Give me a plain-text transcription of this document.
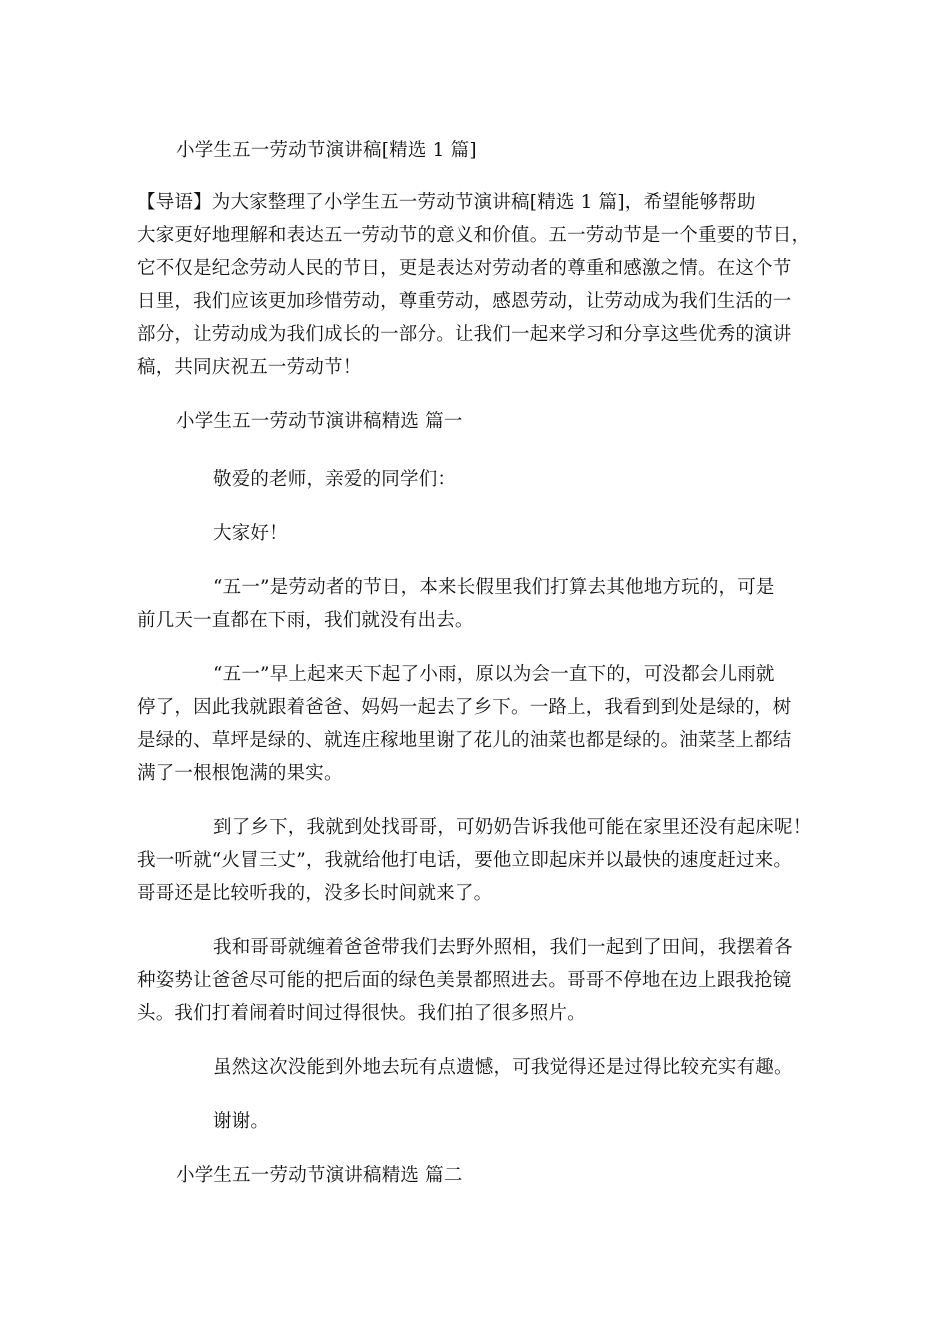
小学生五一劳动节演讲稿[精选 1 篇]
【导语】为大家整理了小学生五一劳动节演讲稿[精选 1 篇]，希望能够帮助
大家更好地理解和表达五一劳动节的意义和价值。五一劳动节是一个重要的节日，
它不仅是纪念劳动人民的节日，更是表达对劳动者的尊重和感激之情。在这个节
日里，我们应该更加珍惜劳动，尊重劳动，感恩劳动，让劳动成为我们生活的一
部分，让劳动成为我们成长的一部分。让我们一起来学习和分享这些优秀的演讲
稿，共同庆祝五一劳动节！
小学生五一劳动节演讲稿精选 篇一
敬爱的老师，亲爱的同学们：
大家好！
“五一”是劳动者的节日，本来长假里我们打算去其他地方玩的，可是
前几天一直都在下雨，我们就没有出去。
“五一”早上起来天下起了小雨，原以为会一直下的，可没都会儿雨就
停了，因此我就跟着爸爸、妈妈一起去了乡下。一路上，我看到到处是绿的，树
是绿的、草坪是绿的、就连庄稼地里谢了花儿的油菜也都是绿的。油菜茎上都结
满了一根根饱满的果实。
到了乡下，我就到处找哥哥，可奶奶告诉我他可能在家里还没有起床呢！
我一听就“火冒三丈”，我就给他打电话，要他立即起床并以最快的速度赶过来。
哥哥还是比较听我的，没多长时间就来了。
我和哥哥就缠着爸爸带我们去野外照相，我们一起到了田间，我摆着各
种姿势让爸爸尽可能的把后面的绿色美景都照进去。哥哥不停地在边上跟我抢镜
头。我们打着闹着时间过得很快。我们拍了很多照片。
虽然这次没能到外地去玩有点遗憾，可我觉得还是过得比较充实有趣。
谢谢。
小学生五一劳动节演讲稿精选 篇二
